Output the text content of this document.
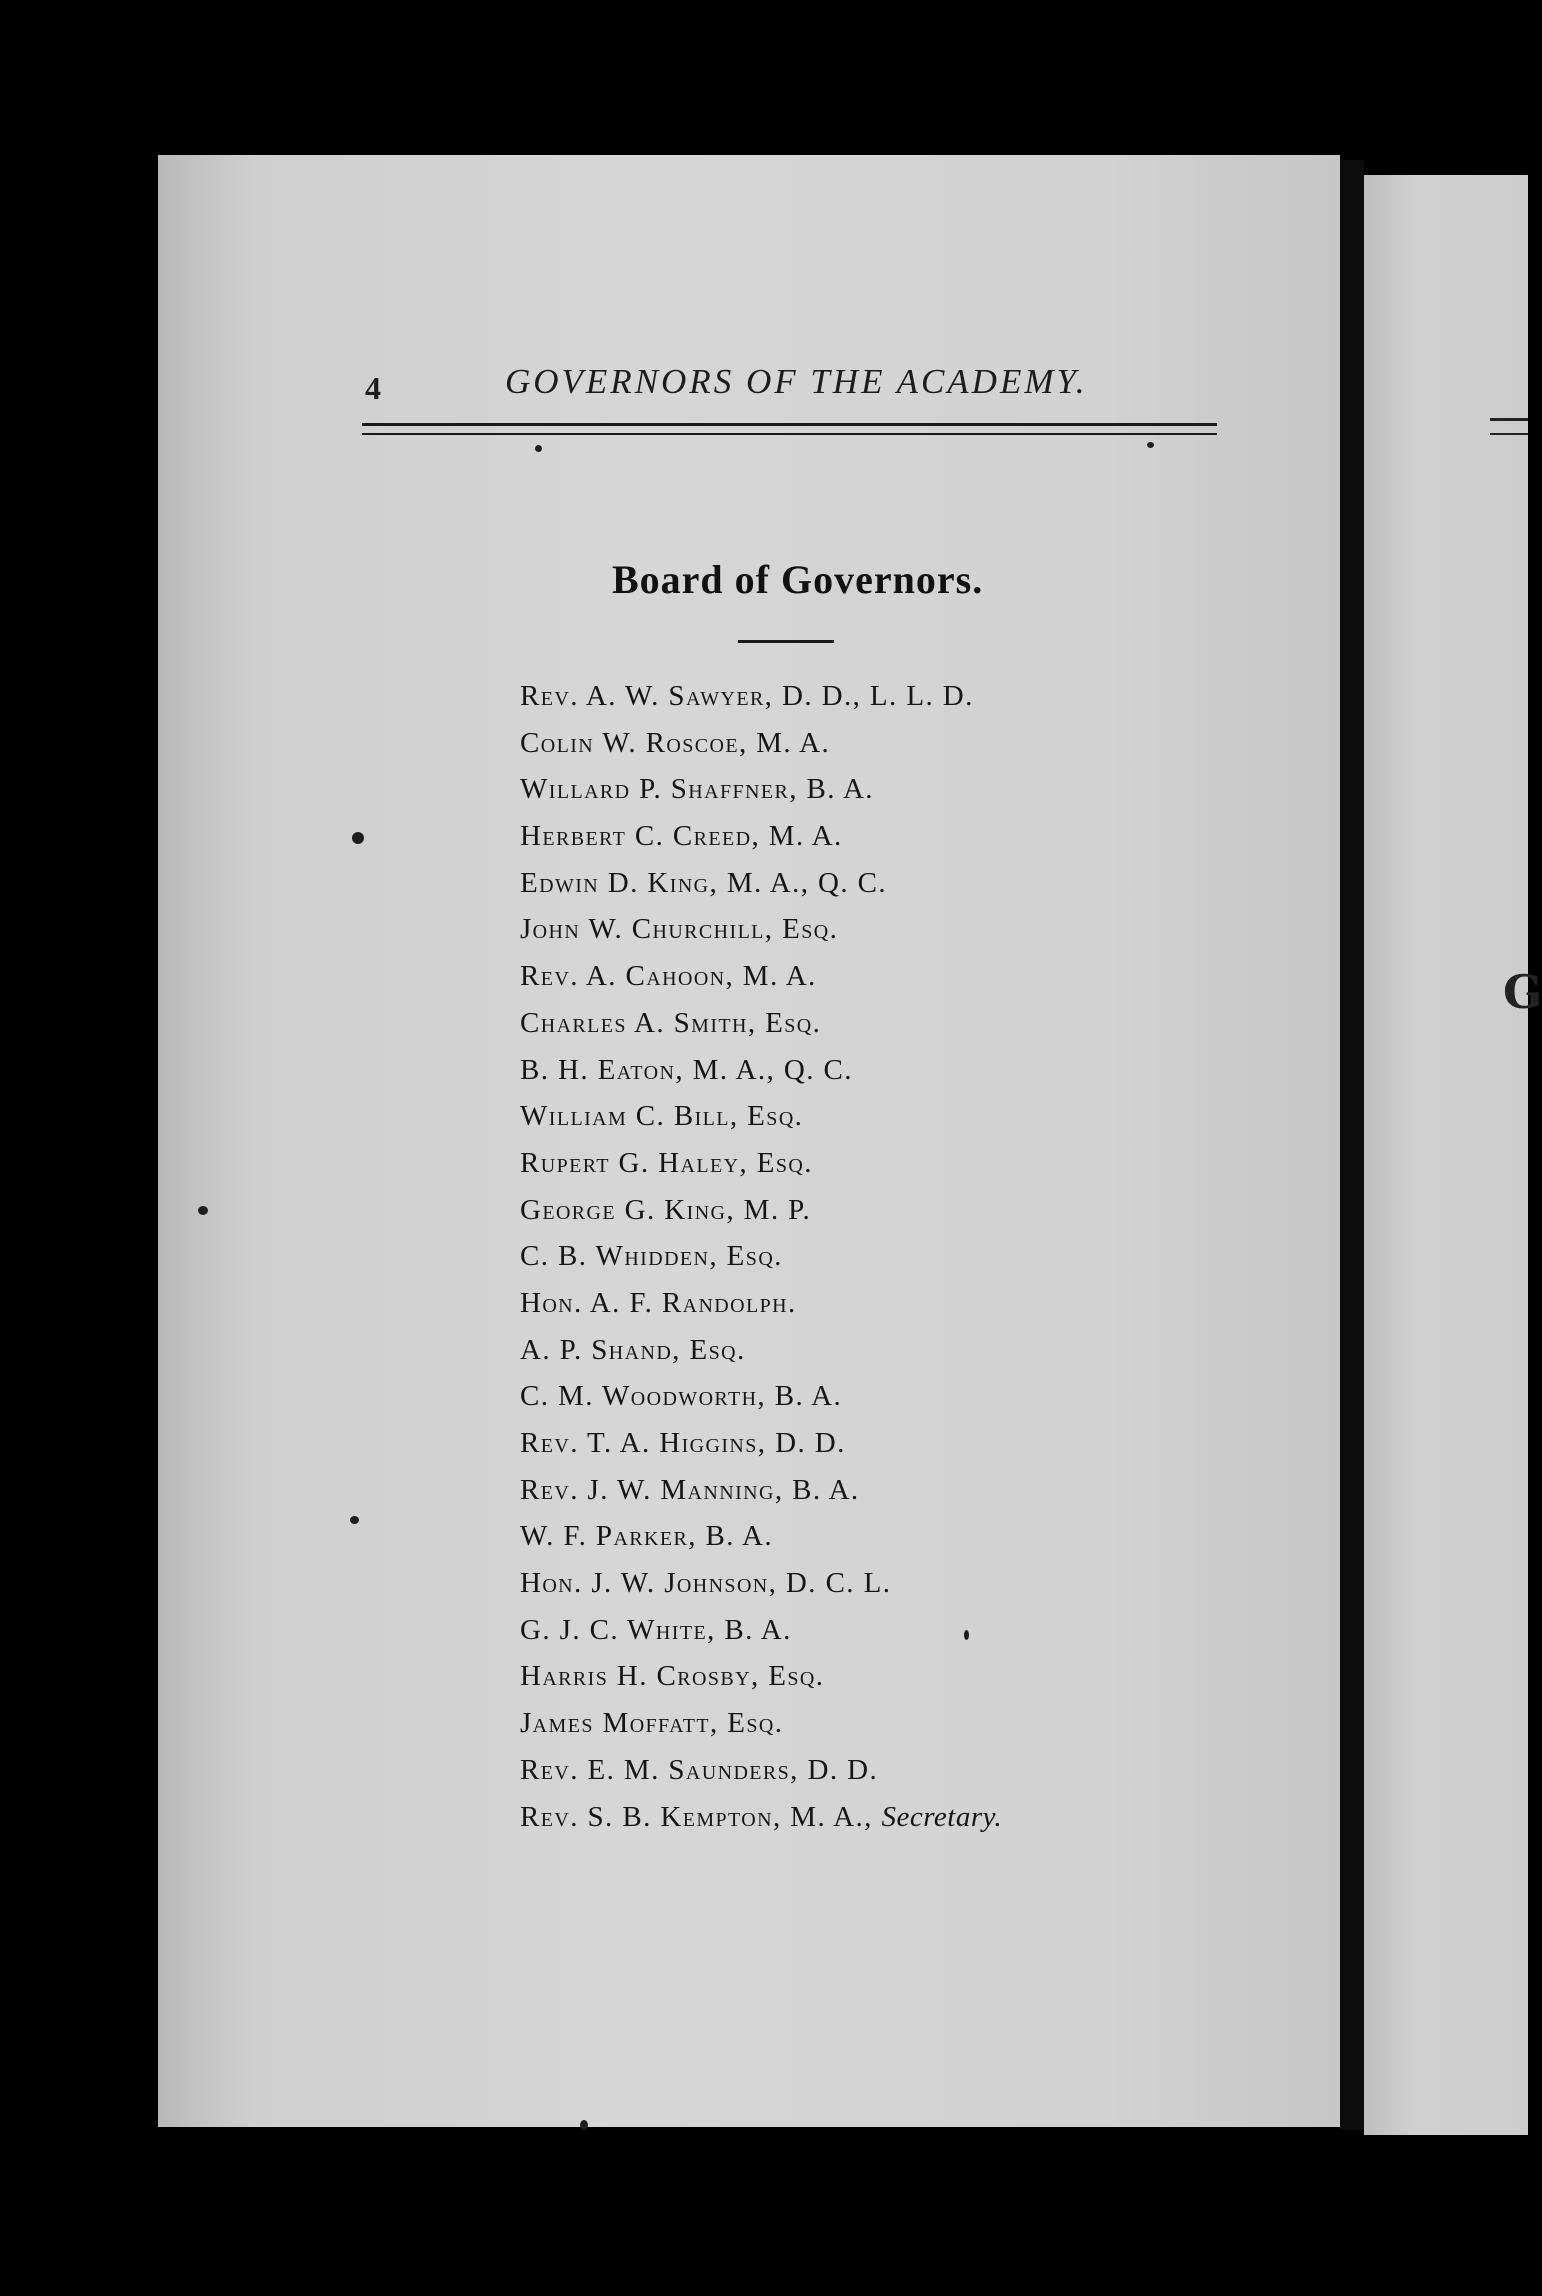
G
4	GOVERNORS OF THE ACADEMY.
Board of Governors.
Rev. A. W. Sawyer, D. D., L. L. D.
Colin W. Roscoe, M. A.
Willard P. Shaffner, B. A.
Herbert C. Creed, M. A.
Edwin D. King, M. A., Q. C.
John W. Churchill, Esq.
Rev. A. Cahoon, M. A.
Charles A. Smith, Esq.
B. H. Eaton, M. A., Q. C.
William C. Bill, Esq.
Rupert G. Haley, Esq.
George G. King, M. P.
C. B. Whidden, Esq.
Hon. A. F. Randolph.
A. P. Shand, Esq.
C. M. Woodworth, B. A.
Rev. T. A. Higgins, D. D.
Rev. J. W. Manning, B. A.
W. F. Parker, B. A.
Hon. J. W. Johnson, D. C. L.
G. J. C. White, B. A.
Harris H. Crosby, Esq.
James Moffatt, Esq.
Rev. E. M. Saunders, D. D.
Rev. S. B. Kempton, M. A., Secretary.
